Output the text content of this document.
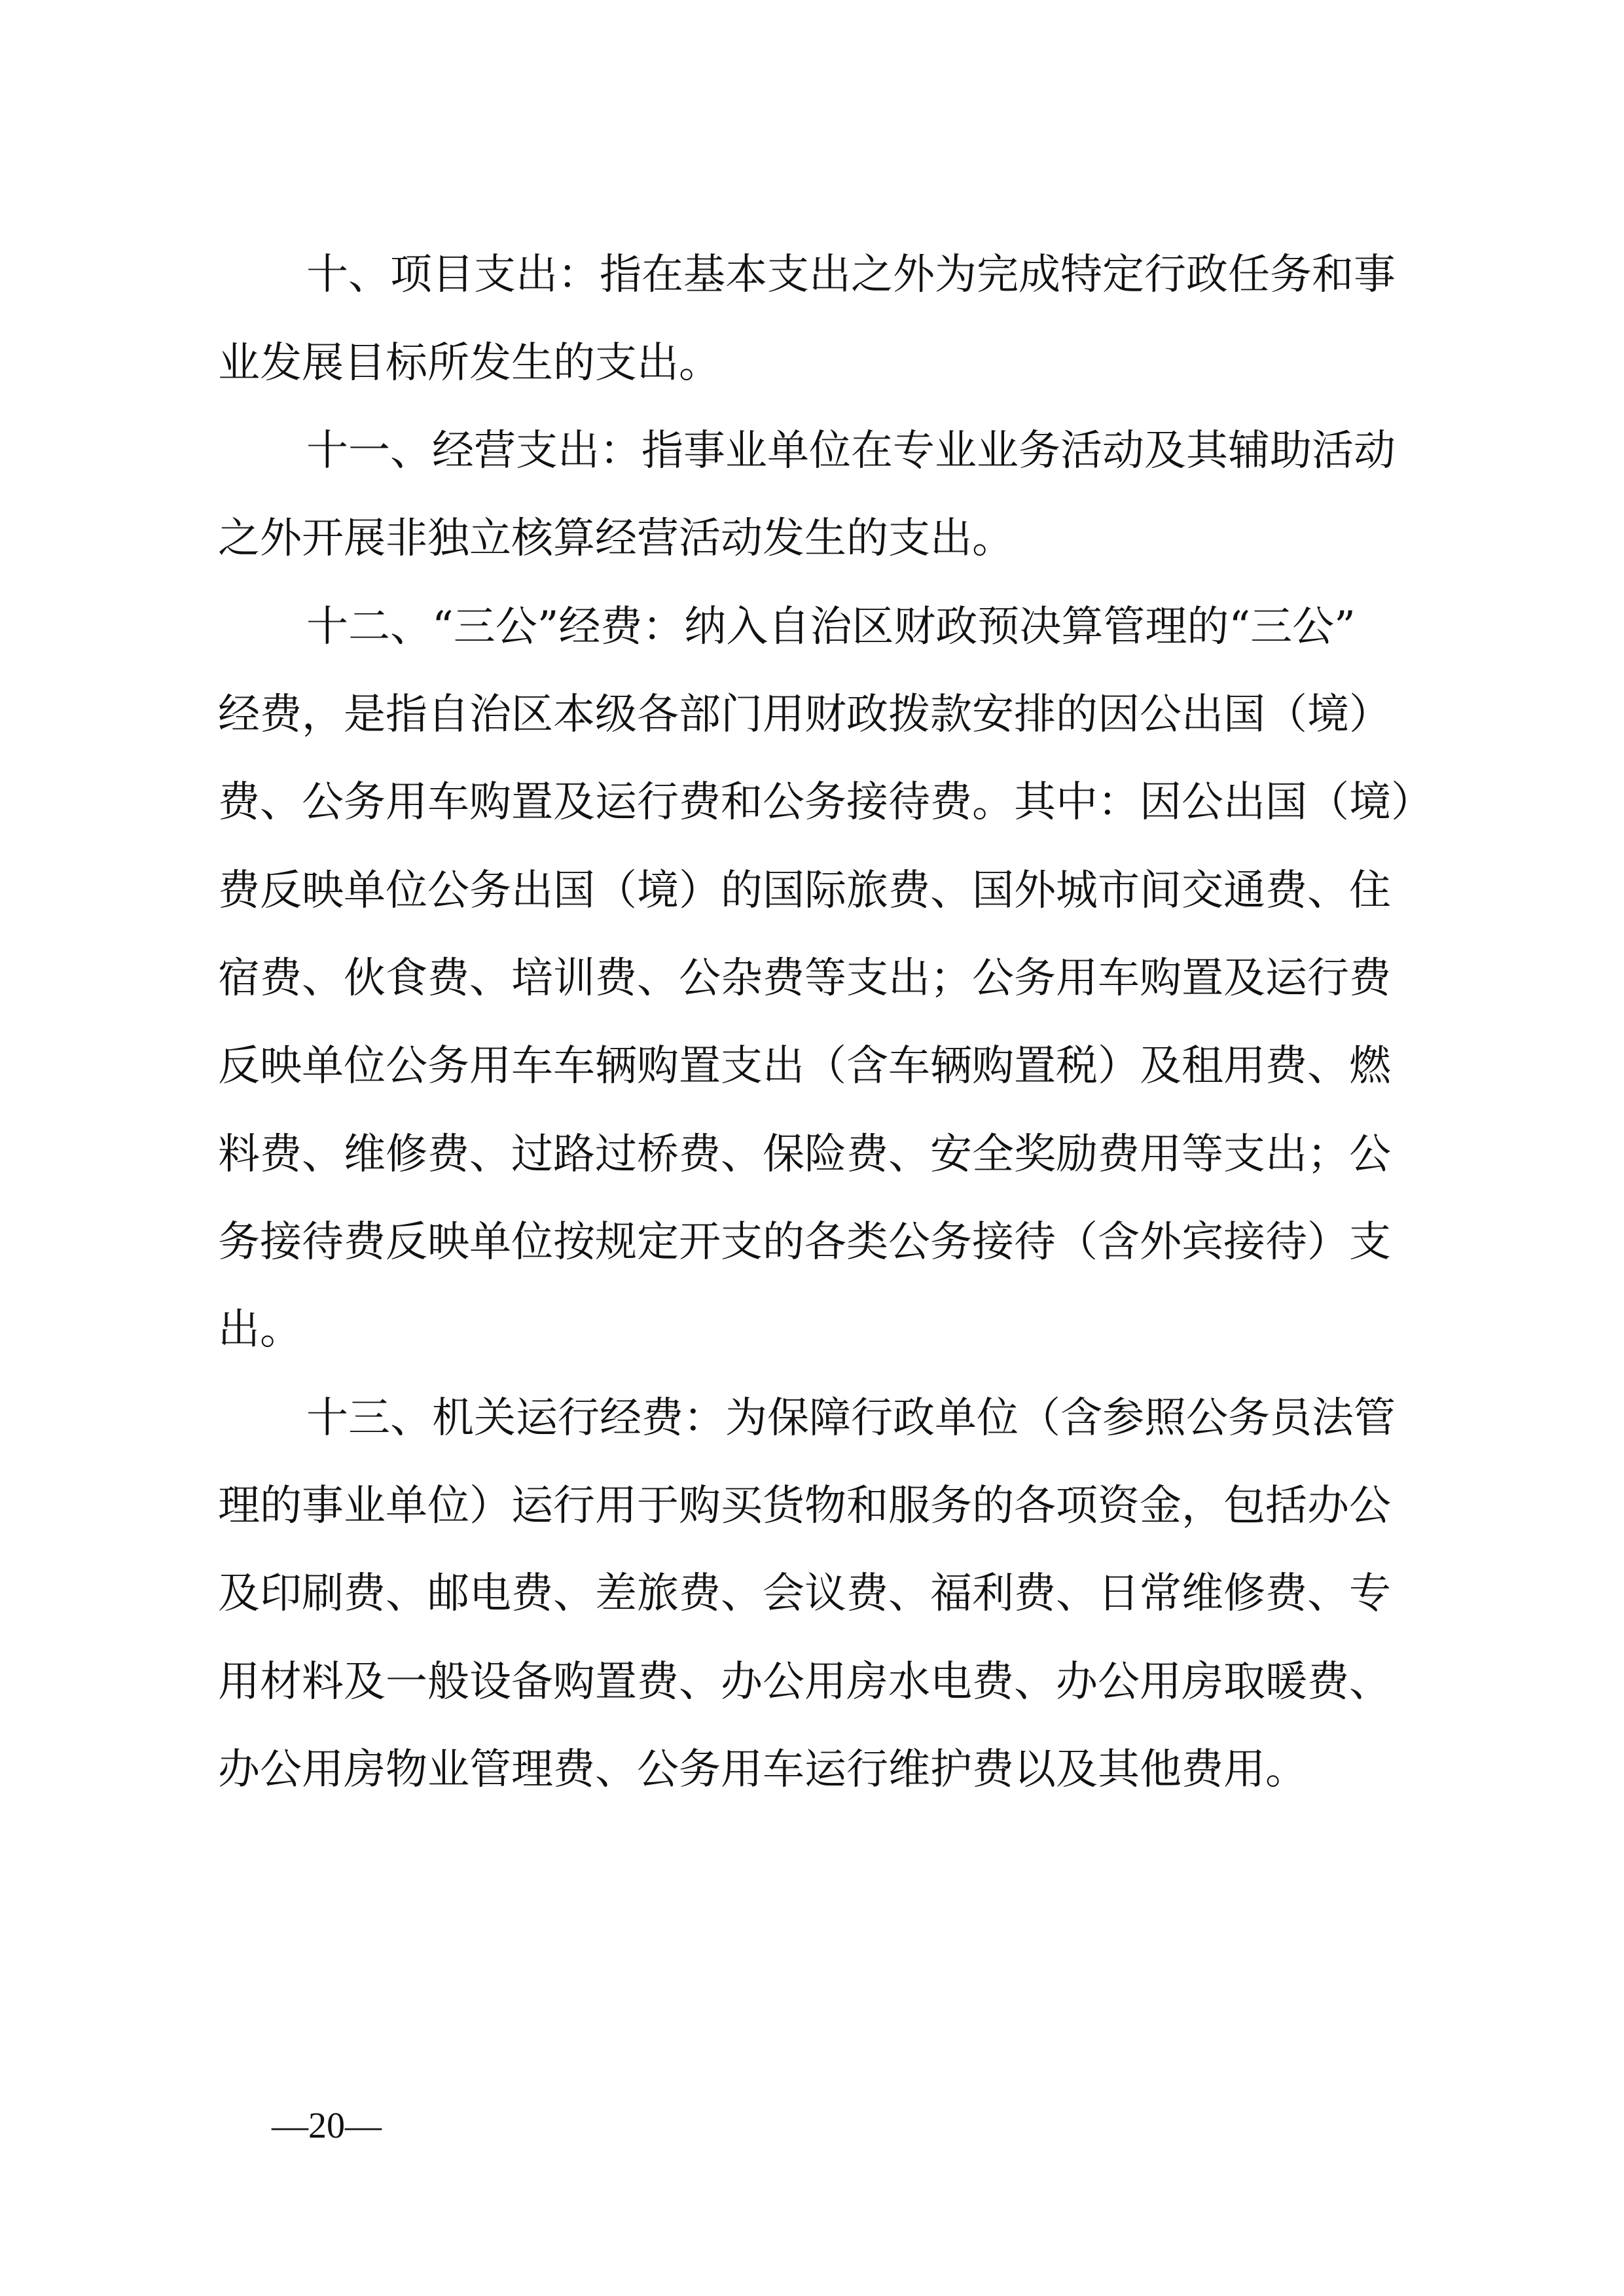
十、项目支出：指在基本支出之外为完成特定行政任务和事
业发展目标所发生的支出。
十一、经营支出：指事业单位在专业业务活动及其辅助活动
之外开展非独立核算经营活动发生的支出。
十二、“三公”经费：纳入自治区财政预决算管理的“三公”
经费，是指自治区本级各部门用财政拨款安排的因公出国（境）
费、公务用车购置及运行费和公务接待费。其中：因公出国（境）
费反映单位公务出国（境）的国际旅费、国外城市间交通费、住
宿费、伙食费、培训费、公杂费等支出；公务用车购置及运行费
反映单位公务用车车辆购置支出（含车辆购置税）及租用费、燃
料费、维修费、过路过桥费、保险费、安全奖励费用等支出；公
务接待费反映单位按规定开支的各类公务接待（含外宾接待）支
出。
十三、机关运行经费：为保障行政单位（含参照公务员法管
理的事业单位）运行用于购买货物和服务的各项资金，包括办公
及印刷费、邮电费、差旅费、会议费、福利费、日常维修费、专
用材料及一般设备购置费、办公用房水电费、办公用房取暖费、
办公用房物业管理费、公务用车运行维护费以及其他费用。
—20—
